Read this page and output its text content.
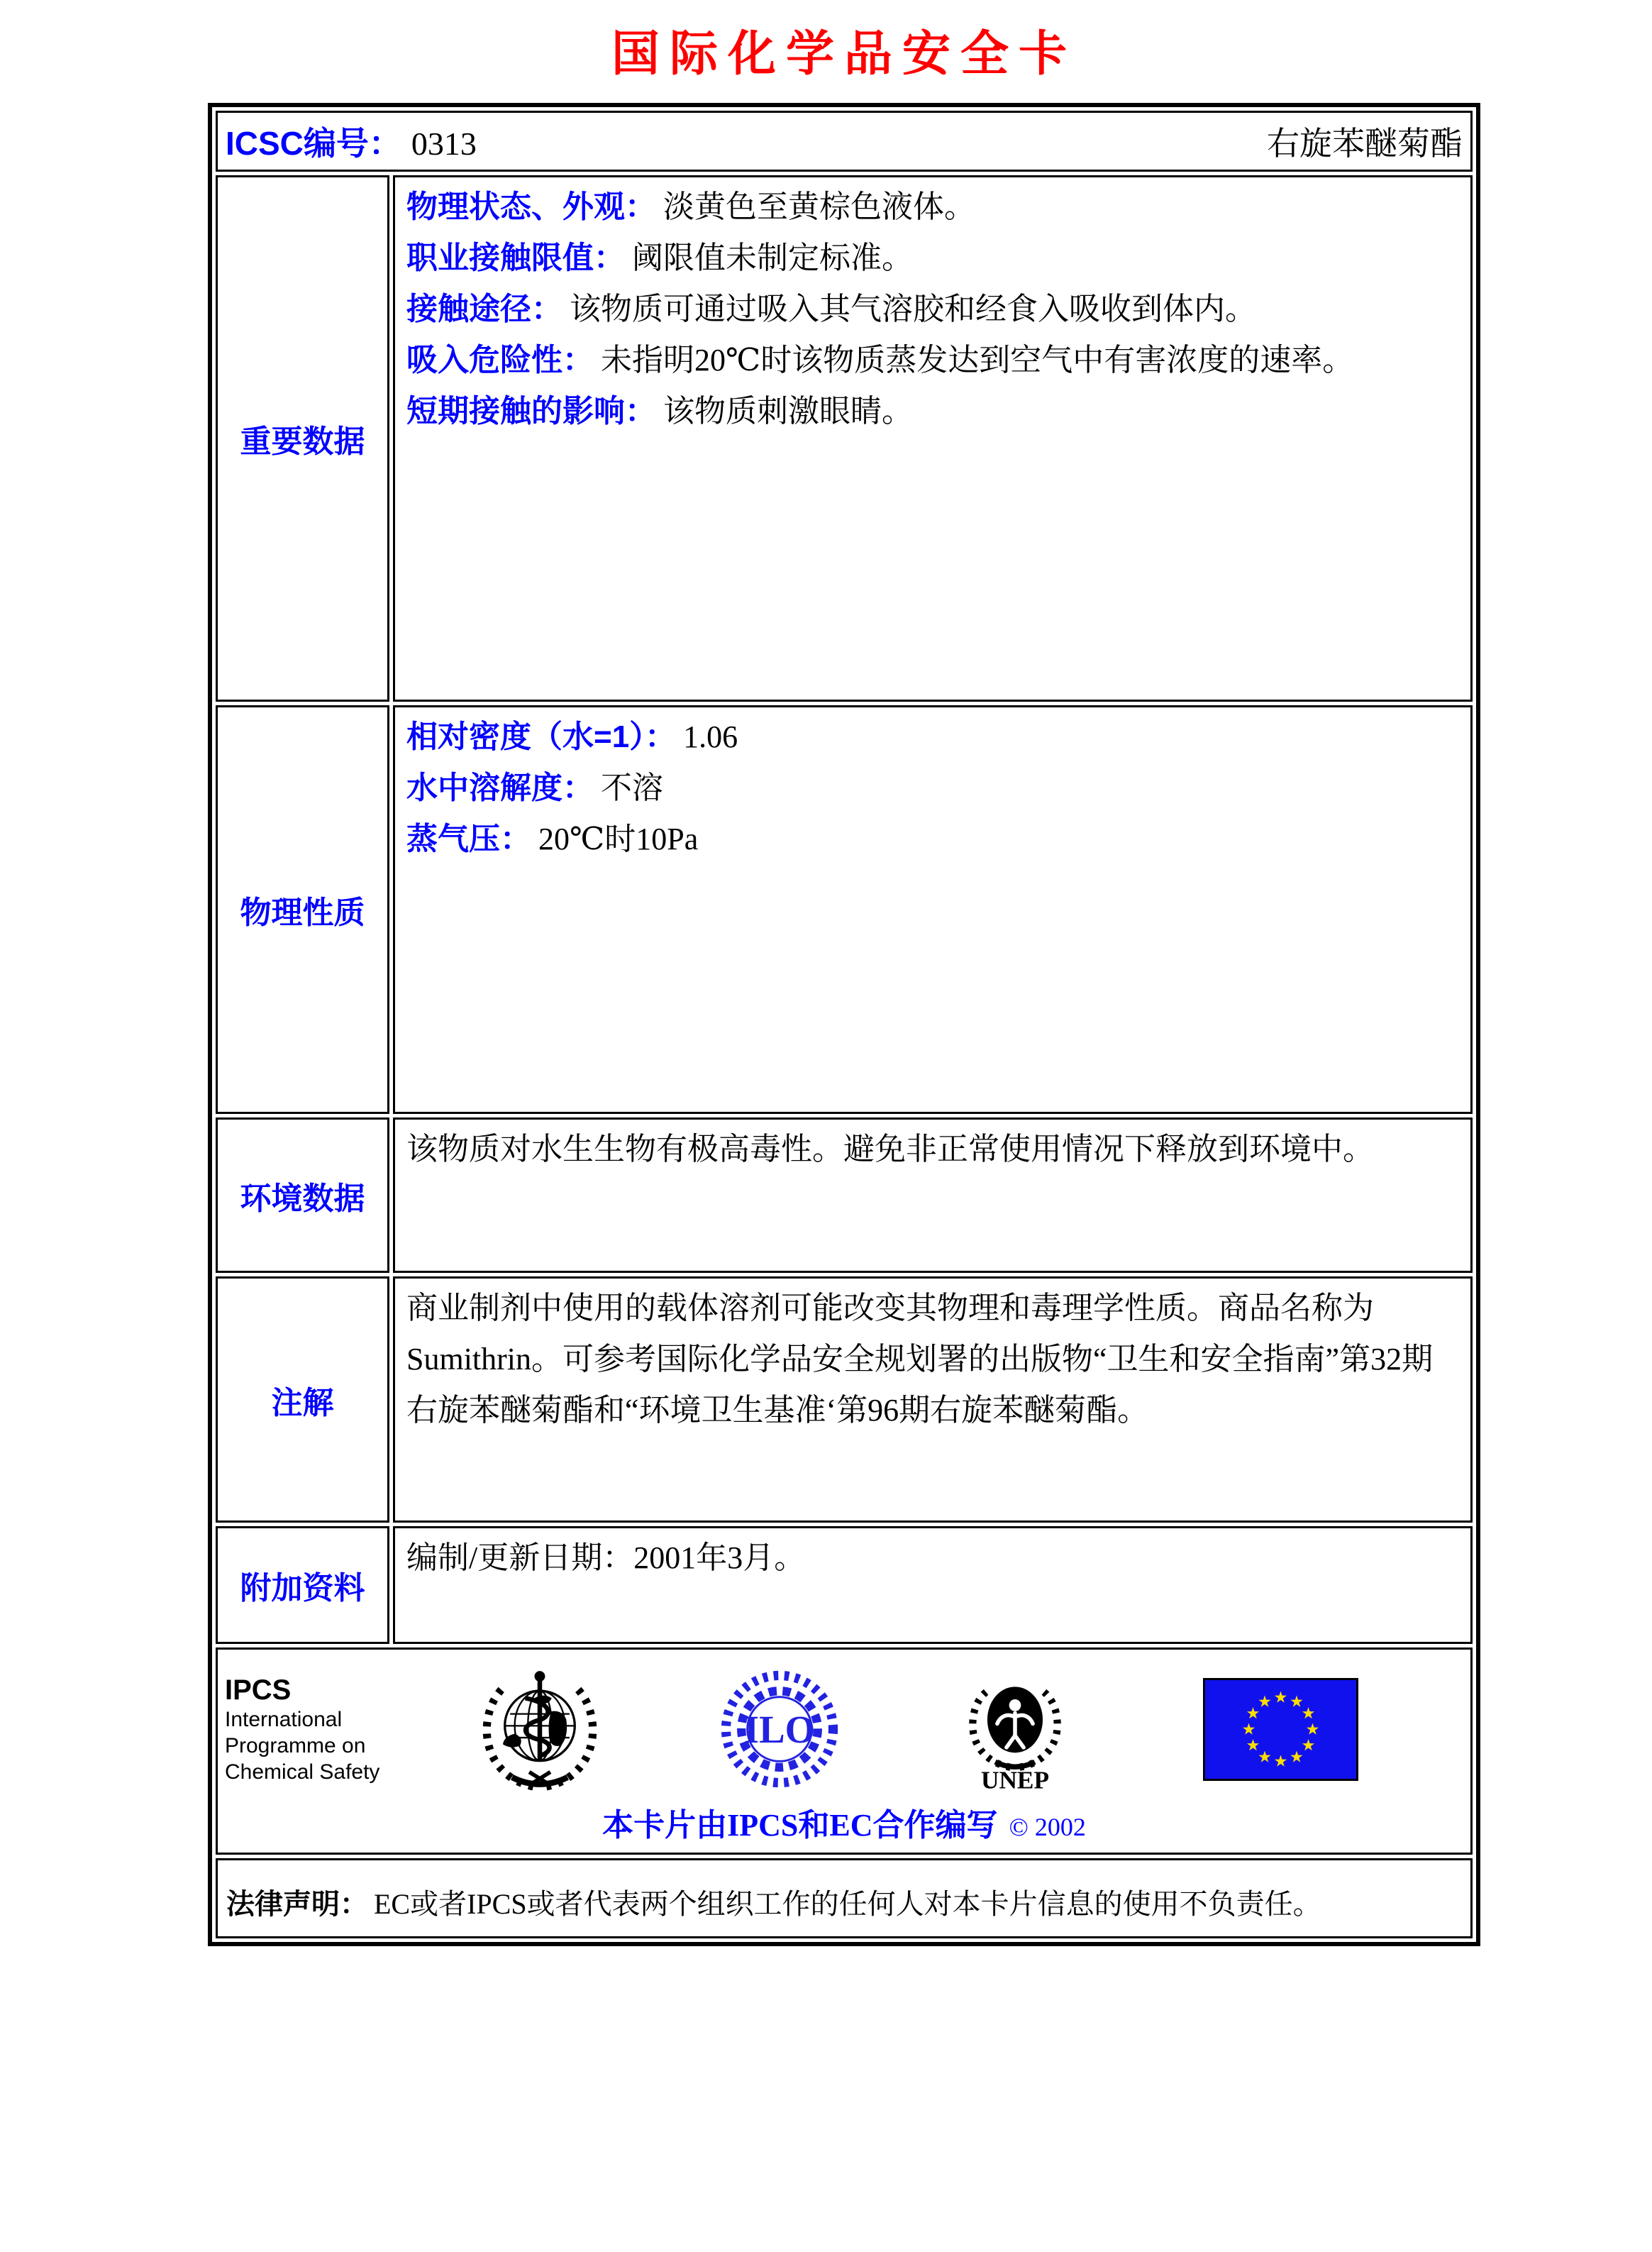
国际化学品安全卡
ICSC编号： 0313 右旋苯醚菊酯	

重要数据	物理状态、外观： 淡黄色至黄棕色液体。
职业接触限值： 阈限值未制定标准。
接触途径： 该物质可通过吸入其气溶胶和经食入吸收到体内。
吸入危险性： 未指明20℃时该物质蒸发达到空气中有害浓度的速率。
短期接触的影响： 该物质刺激眼睛。

物理性质	相对密度（水=1）： 1.06
水中溶解度： 不溶
蒸气压： 20℃时10Pa

环境数据	该物质对水生生物有极高毒性。避免非正常使用情况下释放到环境中。

注解	商业制剂中使用的载体溶剂可能改变其物理和毒理学性质。商品名称为Sumithrin。可参考国际化学品安全规划署的出版物“卫生和安全指南”第32期右旋苯醚菊酯和“环境卫生基准‘第96期右旋苯醚菊酯。

附加资料	编制/更新日期：2001年3月。

IPCS
International
Programme on
Chemical Safety
ILO
UNEP
本卡片由IPCS和EC合作编写 © 2002

法律声明： EC或者IPCS或者代表两个组织工作的任何人对本卡片信息的使用不负责任。	
